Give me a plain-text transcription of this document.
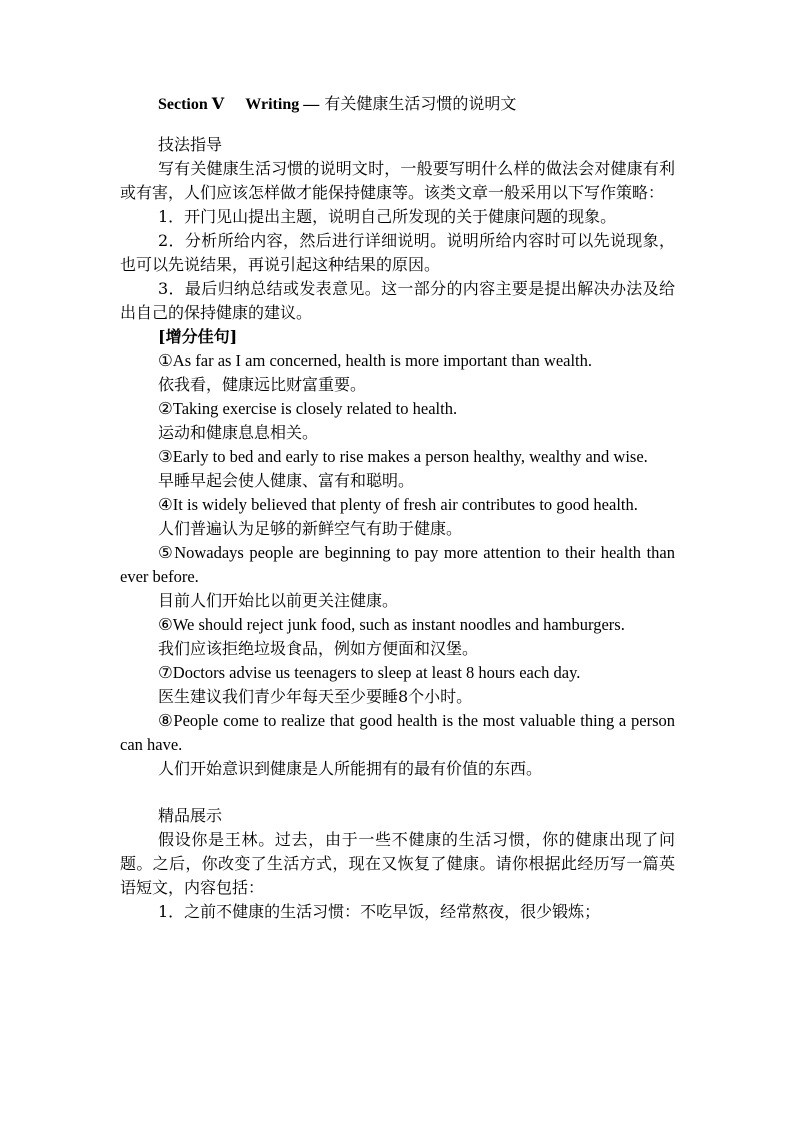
Section Ⅴ Writing — 有关健康生活习惯的说明文
技法指导
写有关健康生活习惯的说明文时，一般要写明什么样的做法会对健康有利或有害，人们应该怎样做才能保持健康等。该类文章一般采用以下写作策略：
1．开门见山提出主题，说明自己所发现的关于健康问题的现象。
2．分析所给内容，然后进行详细说明。说明所给内容时可以先说现象， 也可以先说结果，再说引起这种结果的原因。
3．最后归纳总结或发表意见。这一部分的内容主要是提出解决办法及给出自己的保持健康的建议。
[增分佳句]
①As far as I am concerned, health is more important than wealth.
依我看，健康远比财富重要。
②Taking exercise is closely related to health.
运动和健康息息相关。
③Early to bed and early to rise makes a person healthy, wealthy and wise.
早睡早起会使人健康、富有和聪明。
④It is widely believed that plenty of fresh air contributes to good health.
人们普遍认为足够的新鲜空气有助于健康。
⑤Nowadays people are beginning to pay more attention to their health than ever before.
目前人们开始比以前更关注健康。
⑥We should reject junk food, such as instant noodles and hamburgers.
我们应该拒绝垃圾食品，例如方便面和汉堡。
⑦Doctors advise us teenagers to sleep at least 8 hours each day.
医生建议我们青少年每天至少要睡8个小时。
⑧People come to realize that good health is the most valuable thing a person can have.
人们开始意识到健康是人所能拥有的最有价值的东西。
精品展示
假设你是王林。过去，由于一些不健康的生活习惯，你的健康出现了问题。之后，你改变了生活方式，现在又恢复了健康。请你根据此经历写一篇英语短文，内容包括：
1．之前不健康的生活习惯：不吃早饭，经常熬夜，很少锻炼；
